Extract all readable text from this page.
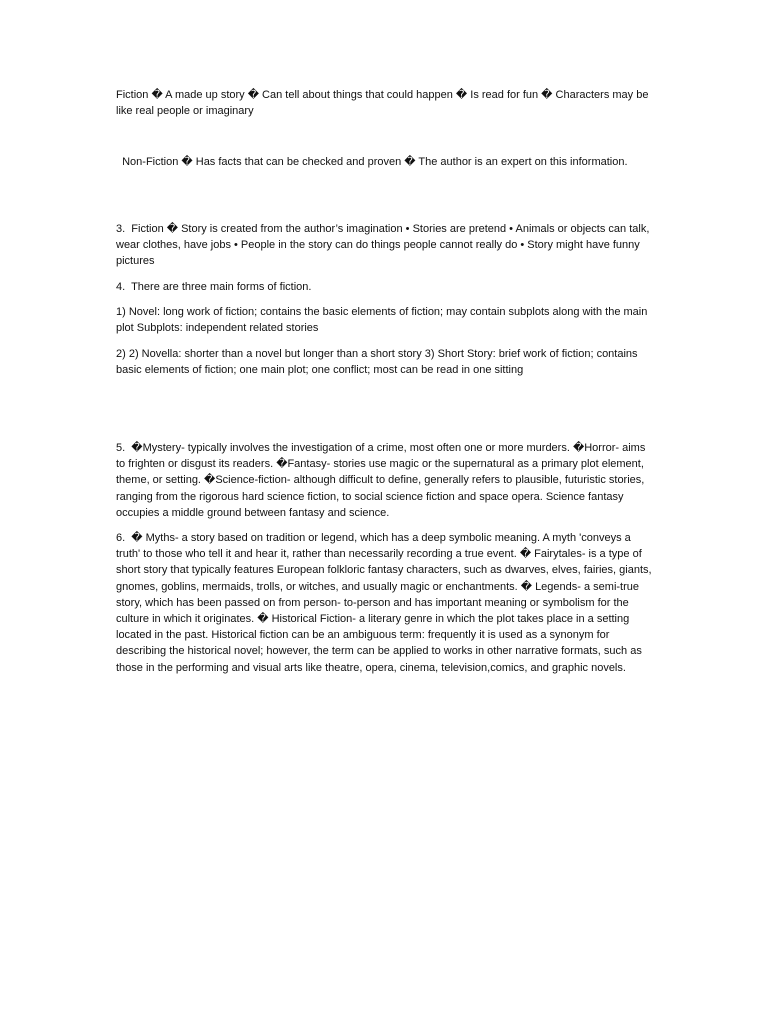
Fiction � A made up story � Can tell about things that could happen � Is read for fun � Characters may be like real people or imaginary

Non-Fiction � Has facts that can be checked and proven � The author is an expert on this information.

3.  Fiction � Story is created from the author’s imagination • Stories are pretend • Animals or objects can talk, wear clothes, have jobs • People in the story can do things people cannot really do • Story might have funny pictures

4.  There are three main forms of fiction.

1) Novel: long work of fiction; contains the basic elements of fiction; may contain subplots along with the main plot Subplots: independent related stories

2) 2) Novella: shorter than a novel but longer than a short story 3) Short Story: brief work of fiction; contains basic elements of fiction; one main plot; one conflict; most can be read in one sitting

5.  �Mystery- typically involves the investigation of a crime, most often one or more murders. �Horror- aims to frighten or disgust its readers. �Fantasy- stories use magic or the supernatural as a primary plot element, theme, or setting. �Science-fiction- although difficult to define, generally refers to plausible, futuristic stories, ranging from the rigorous hard science fiction, to social science fiction and space opera. Science fantasy occupies a middle ground between fantasy and science.

6.  � Myths- a story based on tradition or legend, which has a deep symbolic meaning. A myth 'conveys a truth' to those who tell it and hear it, rather than necessarily recording a true event. � Fairytales- is a type of short story that typically features European folkloric fantasy characters, such as dwarves, elves, fairies, giants, gnomes, goblins, mermaids, trolls, or witches, and usually magic or enchantments. � Legends- a semi-true story, which has been passed on from person- to-person and has important meaning or symbolism for the culture in which it originates. � Historical Fiction- a literary genre in which the plot takes place in a setting located in the past. Historical fiction can be an ambiguous term: frequently it is used as a synonym for describing the historical novel; however, the term can be applied to works in other narrative formats, such as those in the performing and visual arts like theatre, opera, cinema, television,comics, and graphic novels.
